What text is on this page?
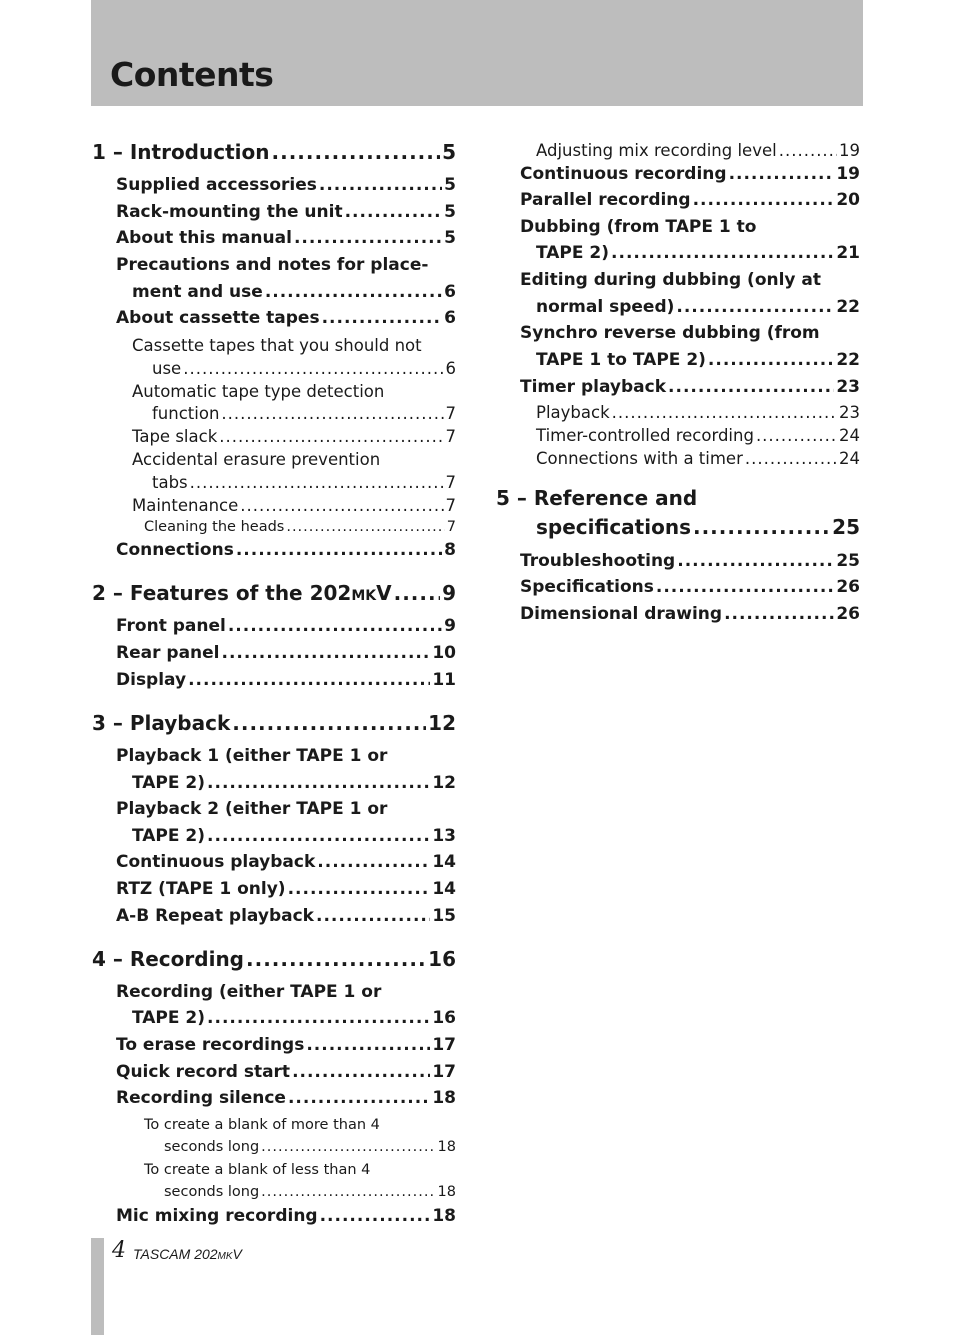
Contents
1 – Introduction .....	5
Supplied accessories .....	5
Rack-mounting the unit .....	5
About this manual .....	5
Precautions and notes for place-
ment and use .....	6
About cassette tapes .....	6
Cassette tapes that you should not
use .....	6
Automatic tape type detection
function .....	7
Tape slack .....	7
Accidental erasure prevention
tabs .....	7
Maintenance .....	7
Cleaning the heads .....	7
Connections .....	8
2 – Features of the 202 MK V .....	9
Front panel .....	9
Rear panel .....	10
Display .....	11
3 – Playback .....	12
Playback 1 (either TAPE 1 or
TAPE 2) .....	12
Playback 2 (either TAPE 1 or
TAPE 2) .....	13
Continuous playback .....	14
RTZ (TAPE 1 only) .....	14
A-B Repeat playback .....	15
4 – Recording .....	16
Recording (either TAPE 1 or
TAPE 2) .....	16
To erase recordings .....	17
Quick record start .....	17
Recording silence .....	18
To create a blank of more than 4
seconds long .....	18
To create a blank of less than 4
seconds long .....	18
Mic mixing recording .....	18
Adjusting mix recording level .....	19
Continuous recording .....	19
Parallel recording .....	20
Dubbing (from TAPE 1 to
TAPE 2) .....	21
Editing during dubbing (only at
normal speed) .....	22
Synchro reverse dubbing (from
TAPE 1 to TAPE 2) .....	22
Timer playback .....	23
Playback .....	23
Timer-controlled recording .....	24
Connections with a timer .....	24
5 – Reference and
specifications .....	25
Troubleshooting .....	25
Specifications .....	26
Dimensional drawing .....	26
4 TASCAM 202MKV
